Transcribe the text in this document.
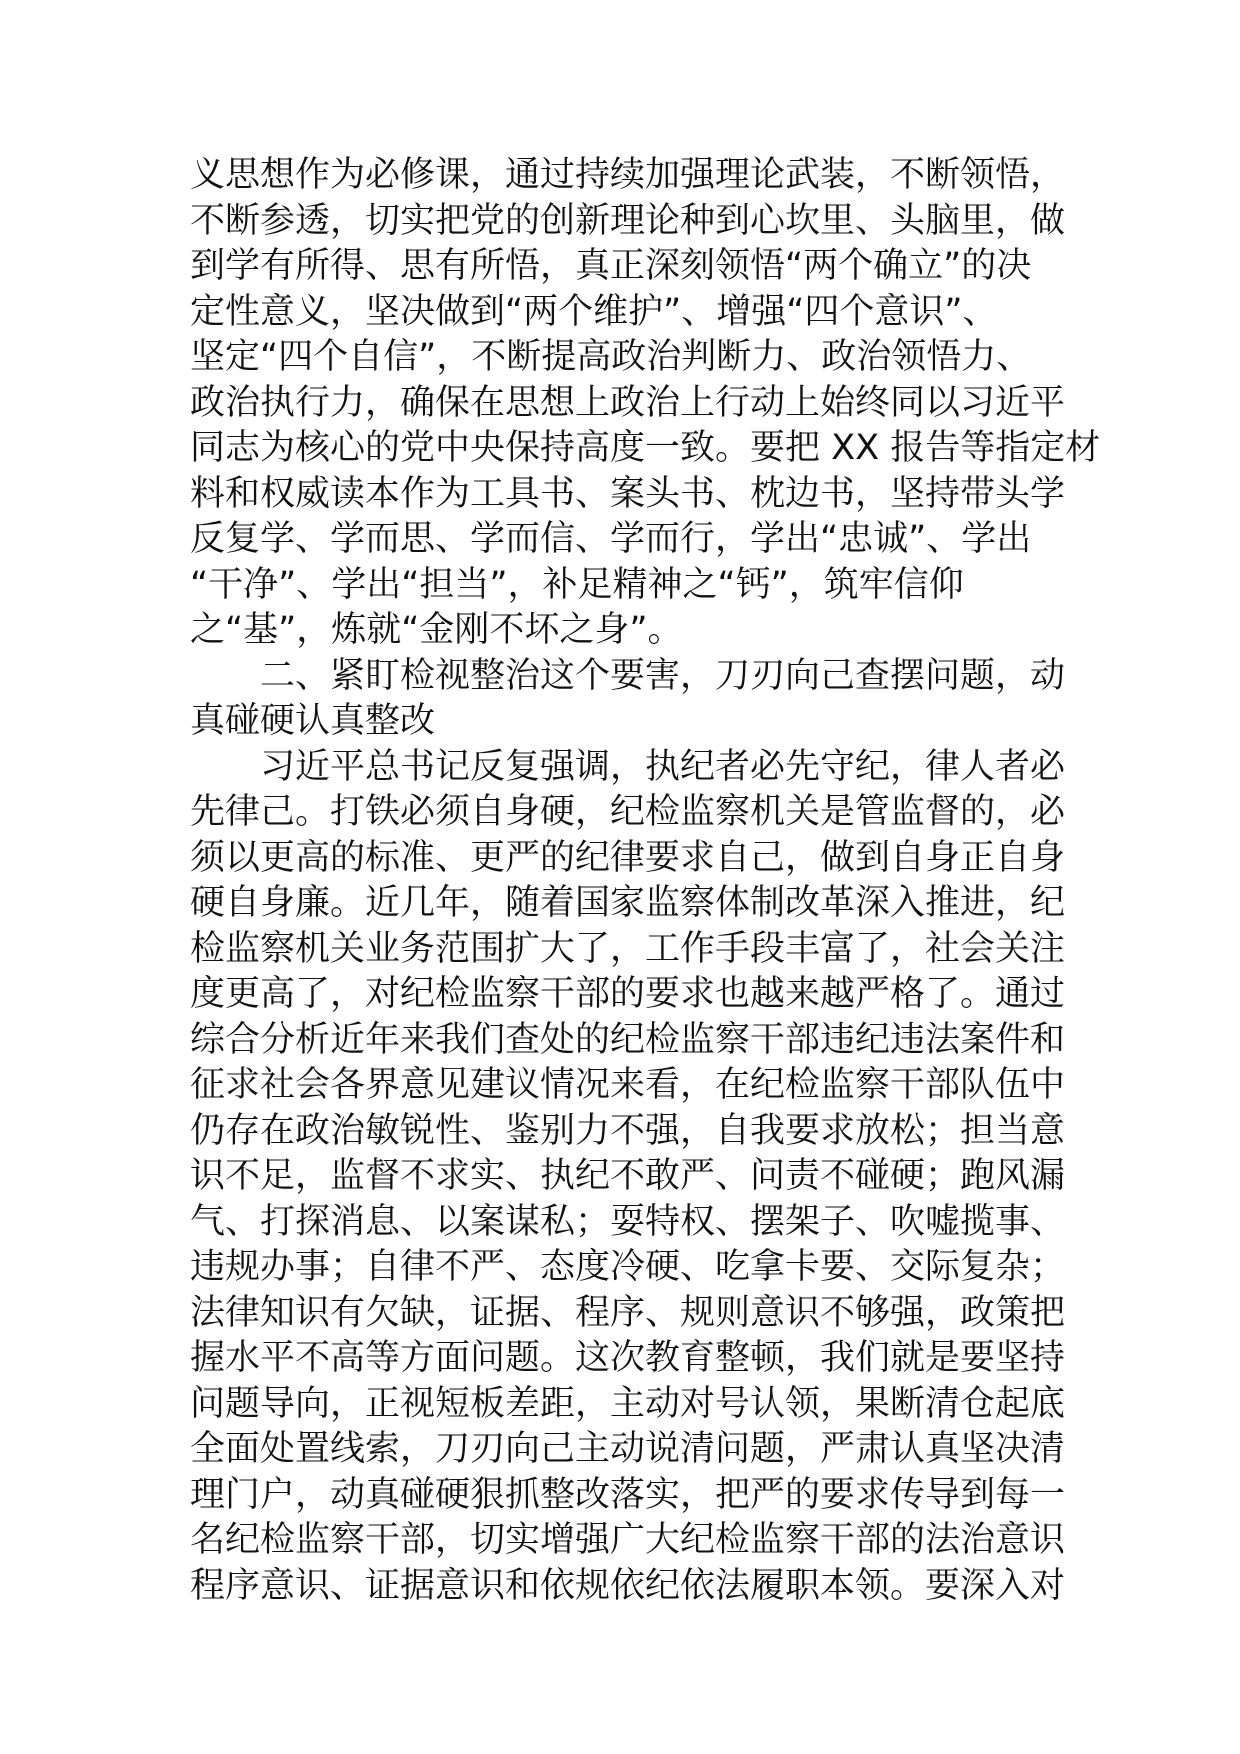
义思想作为必修课，通过持续加强理论武装，不断领悟，
不断参透，切实把党的创新理论种到心坎里、头脑里，做
到学有所得、思有所悟，真正深刻领悟“两个确立”的决
定性意义，坚决做到“两个维护”、增强“四个意识”、
坚定“四个自信”，不断提高政治判断力、政治领悟力、
政治执行力，确保在思想上政治上行动上始终同以习近平
同志为核心的党中央保持高度一致。要把 XX 报告等指定材
料和权威读本作为工具书、案头书、枕边书，坚持带头学
反复学、学而思、学而信、学而行，学出“忠诚”、学出
“干净”、学出“担当”，补足精神之“钙”，筑牢信仰
之“基”，炼就“金刚不坏之身”。
二、紧盯检视整治这个要害，刀刃向己查摆问题，动
真碰硬认真整改
习近平总书记反复强调，执纪者必先守纪，律人者必
先律己。打铁必须自身硬，纪检监察机关是管监督的，必
须以更高的标准、更严的纪律要求自己，做到自身正自身
硬自身廉。近几年，随着国家监察体制改革深入推进，纪
检监察机关业务范围扩大了，工作手段丰富了，社会关注
度更高了，对纪检监察干部的要求也越来越严格了。通过
综合分析近年来我们查处的纪检监察干部违纪违法案件和
征求社会各界意见建议情况来看，在纪检监察干部队伍中
仍存在政治敏锐性、鉴别力不强，自我要求放松；担当意
识不足，监督不求实、执纪不敢严、问责不碰硬；跑风漏
气、打探消息、以案谋私；耍特权、摆架子、吹嘘揽事、
违规办事；自律不严、态度冷硬、吃拿卡要、交际复杂；
法律知识有欠缺，证据、程序、规则意识不够强，政策把
握水平不高等方面问题。这次教育整顿，我们就是要坚持
问题导向，正视短板差距，主动对号认领，果断清仓起底
全面处置线索，刀刃向己主动说清问题，严肃认真坚决清
理门户，动真碰硬狠抓整改落实，把严的要求传导到每一
名纪检监察干部，切实增强广大纪检监察干部的法治意识
程序意识、证据意识和依规依纪依法履职本领。要深入对
